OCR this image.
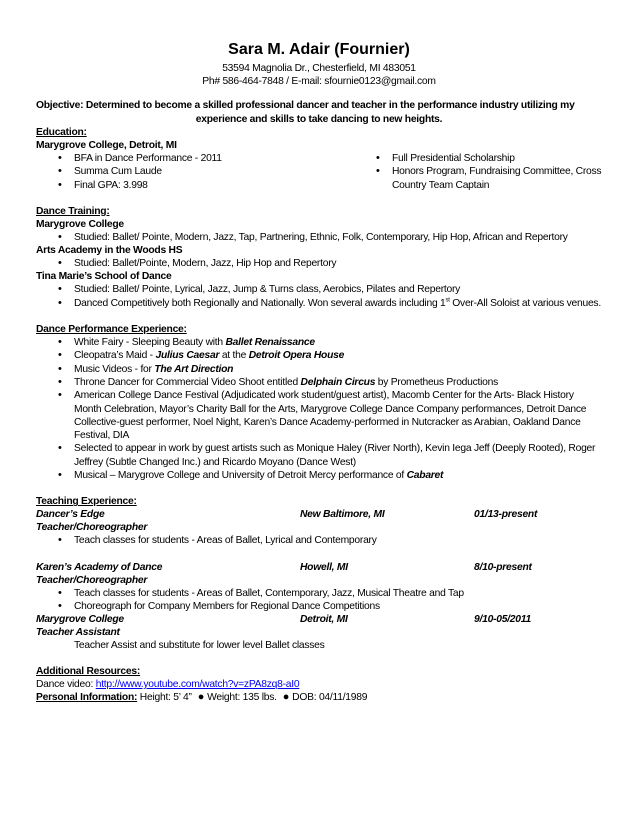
Sara M. Adair (Fournier)
53594 Magnolia Dr., Chesterfield, MI 483051
Ph# 586-464-7848 / E-mail: sfournie0123@gmail.com
Objective: Determined to become a skilled professional dancer and teacher in the performance industry utilizing my
experience and skills to take dancing to new heights.
Education:
Marygrove College, Detroit, MI
• BFA in Dance Performance - 2011
• Summa Cum Laude
• Final GPA: 3.998
• Full Presidential Scholarship
• Honors Program, Fundraising Committee, Cross Country Team Captain
Dance Training:
Marygrove College
• Studied: Ballet/ Pointe, Modern, Jazz, Tap, Partnering, Ethnic, Folk, Contemporary, Hip Hop, African and Repertory
Arts Academy in the Woods HS
• Studied: Ballet/Pointe, Modern, Jazz, Hip Hop and Repertory
Tina Marie’s School of Dance
• Studied: Ballet/ Pointe, Lyrical, Jazz, Jump & Turns class, Aerobics, Pilates and Repertory
• Danced Competitively both Regionally and Nationally. Won several awards including 1st Over-All Soloist at various venues.
Dance Performance Experience:
• White Fairy - Sleeping Beauty with Ballet Renaissance
• Cleopatra’s Maid - Julius Caesar at the Detroit Opera House
• Music Videos - for The Art Direction
• Throne Dancer for Commercial Video Shoot entitled Delphain Circus by Prometheus Productions
• American College Dance Festival (Adjudicated work student/guest artist), Macomb Center for the Arts- Black History Month Celebration, Mayor’s Charity Ball for the Arts, Marygrove College Dance Company performances, Detroit Dance Collective-guest performer, Noel Night, Karen’s Dance Academy-performed in Nutcracker as Arabian, Oakland Dance Festival, DIA
• Selected to appear in work by guest artists such as Monique Haley (River North), Kevin Iega Jeff (Deeply Rooted), Roger Jeffrey (Subtle Changed Inc.) and Ricardo Moyano (Dance West)
• Musical – Marygrove College and University of Detroit Mercy performance of Cabaret
Teaching Experience:
Dancer’s Edge	New Baltimore, MI	01/13-present
Teacher/Choreographer
• Teach classes for students - Areas of Ballet, Lyrical and Contemporary
Karen’s Academy of Dance	Howell, MI	8/10-present
Teacher/Choreographer
• Teach classes for students - Areas of Ballet, Contemporary, Jazz, Musical Theatre and Tap
• Choreograph for Company Members for Regional Dance Competitions
Marygrove College	Detroit, MI	9/10-05/2011
Teacher Assistant
Teacher Assist and substitute for lower level Ballet classes
Additional Resources:
Dance video: http://www.youtube.com/watch?v=zPA8zq8-aI0
Personal Information: Height: 5’ 4” ● Weight: 135 lbs. ● DOB: 04/11/1989
